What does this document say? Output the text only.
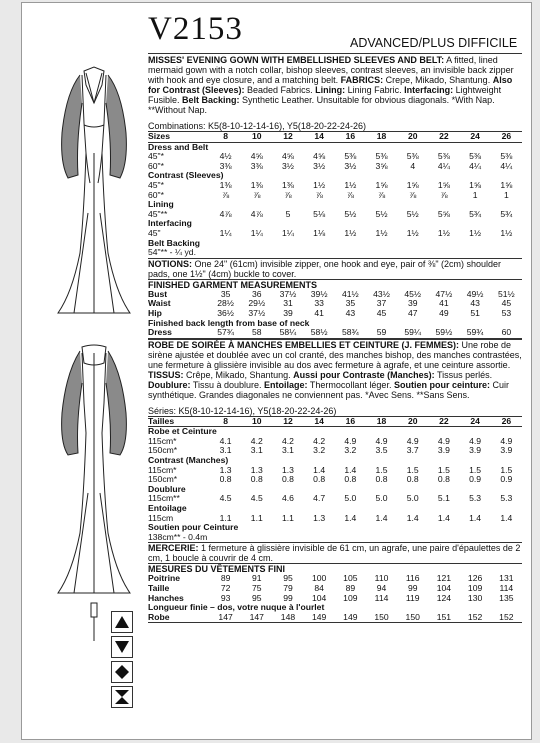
V2153	ADVANCED/PLUS DIFFICILE

MISSES' EVENING GOWN WITH EMBELLISHED SLEEVES AND BELT: A fitted, lined mermaid gown with a notch collar, bishop sleeves, contrast sleeves, an invisible back zipper with hook and eye closure, and a matching belt. FABRICS: Crepe, Mikado, Shantung. Also for Contrast (Sleeves): Beaded Fabrics. Lining: Lining Fabric. Interfacing: Lightweight Fusible. Belt Backing: Synthetic Leather. Unsuitable for obvious diagonals. *With Nap. **Without Nap.

Combinations: K5(8-10-12-14-16), Y5(18-20-22-24-26)
Sizes	8	10	12	14	16	18	20	22	24	26
Dress and Belt										
45"*	4½	4⅝	4⅝	4⅝	5⅜	5⅜	5⅜	5⅜	5⅜	5⅜
60"*	3⅜	3⅜	3½	3½	3½	3⅝	4	4¼	4¼	4¼
Contrast (Sleeves)										
45"*	1⅜	1⅜	1⅜	1½	1½	1⅝	1⅝	1⅝	1⅝	1⅝
60"*	⅞	⅞	⅞	⅞	⅞	⅞	⅞	⅞	1	1
Lining										
45"**	4⅞	4⅞	5	5⅛	5½	5½	5½	5⅝	5¾	5¾
Interfacing										
45"	1¼	1¼	1¼	1⅛	1½	1½	1½	1½	1½	1½
Belt Backing										
54"** - ¼ yd.										

NOTIONS: One 24" (61cm) invisible zipper, one hook and eye, pair of ⅜" (2cm) shoulder pads, one 1½" (4cm) buckle to cover.

FINISHED GARMENT MEASUREMENTS
Bust	35	36	37½	39½	41½	43½	45½	47½	49½	51½
Waist	28½	29½	31	33	35	37	39	41	43	45
Hip	36½	37½	39	41	43	45	47	49	51	53
Finished back length from base of neck										
Dress	57¾	58	58¼	58½	58¾	59	59¼	59½	59¾	60

ROBE DE SOIRÉE À MANCHES EMBELLIES ET CEINTURE (J. FEMMES): Une robe de sirène ajustée et doublée avec un col cranté, des manches bishop, des manches contrastées, une fermeture à glissière invisible au dos avec fermeture à agrafe, et une ceinture assortie. TISSUS: Crêpe, Mikado, Shantung. Aussi pour Contraste (Manches): Tissus perlés. Doublure: Tissu à doublure. Entoilage: Thermocollant léger. Soutien pour ceinture: Cuir synthétique. Grandes diagonales ne conviennent pas. *Avec Sens. **Sans Sens.

Séries: K5(8-10-12-14-16), Y5(18-20-22-24-26)
Tailles	8	10	12	14	16	18	20	22	24	26
Robe et Ceinture										
115cm*	4.1	4.2	4.2	4.2	4.9	4.9	4.9	4.9	4.9	4.9
150cm*	3.1	3.1	3.1	3.2	3.2	3.5	3.7	3.9	3.9	3.9
Contrast (Manches)										
115cm*	1.3	1.3	1.3	1.4	1.4	1.5	1.5	1.5	1.5	1.5
150cm*	0.8	0.8	0.8	0.8	0.8	0.8	0.8	0.8	0.9	0.9
Doublure										
115cm**	4.5	4.5	4.6	4.7	5.0	5.0	5.0	5.1	5.3	5.3
Entoilage										
115cm	1.1	1.1	1.1	1.3	1.4	1.4	1.4	1.4	1.4	1.4
Soutien pour Ceinture										
138cm** - 0.4m										

MERCERIE: 1 fermeture à glissière invisible de 61 cm, un agrafe, une paire d'épaulettes de 2 cm, 1 boucle à couvrir de 4 cm.

MESURES DU VÊTEMENTS FINI
Poitrine	89	91	95	100	105	110	116	121	126	131
Taille	72	75	79	84	89	94	99	104	109	114
Hanches	93	95	99	104	109	114	119	124	130	135
Longueur finie – dos, votre nuque à l'ourlet										
Robe	147	147	148	149	149	150	150	151	152	152
